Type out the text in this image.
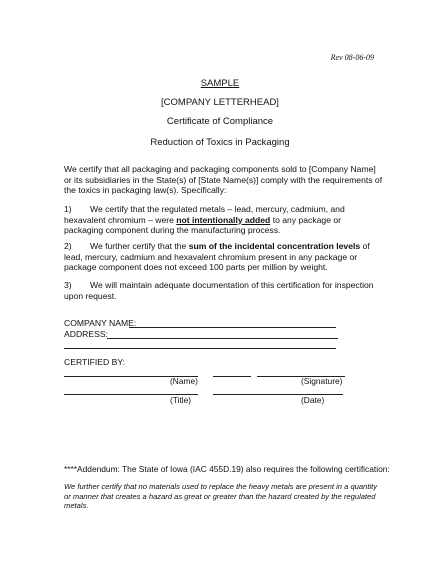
Rev 08-06-09
SAMPLE
[COMPANY LETTERHEAD]
Certificate of Compliance
Reduction of Toxics in Packaging
We certify that all packaging and packaging components sold to [Company Name] or its subsidiaries in the State(s) of [State Name(s)] comply with the requirements of the toxics in packaging law(s). Specifically:
1) We certify that the regulated metals – lead, mercury, cadmium, and hexavalent chromium – were not intentionally added to any package or packaging component during the manufacturing process.
2) We further certify that the sum of the incidental concentration levels of lead, mercury, cadmium and hexavalent chromium present in any package or package component does not exceed 100 parts per million by weight.
3) We will maintain adequate documentation of this certification for inspection upon request.
COMPANY NAME:
ADDRESS:
CERTIFIED BY:
(Name)	(Signature)
(Title)	(Date)
****Addendum: The State of Iowa (IAC 455D.19) also requires the following certification:
We further certify that no materials used to replace the heavy metals are present in a quantity or manner that creates a hazard as great or greater than the hazard created by the regulated metals.
